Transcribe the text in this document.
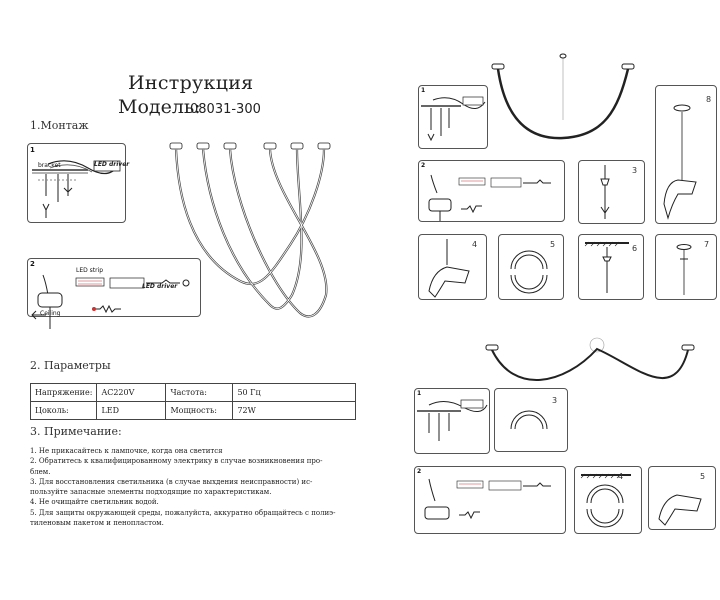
Инструкция
Модель:
08031-300
1.Монтаж
1
bracket	LED driver
2
LED strip
LED driver
Ceiling
2. Параметры
Напряжение:	AC220V	Частота:	50 Гц
Цоколь:	LED	Мощность:	72W
3. Примечание:
1. Не прикасайтесь к лампочке, когда она светится
2. Обратитесь к квалифицированному электрику в случае возникновения про-
блем.
3. Для восстановления светильника (в случае выхдения неисправности) ис-
пользуйте запасные элементы подходящие по характеристикам.
4. Не очищайте светильник водой.
5. Для защиты окружающей среды, пожалуйста, аккуратно обращайтесь с полиэ-
тиленовым пакетом и пенопластом.
1
2
3
8
4	5	6	7
1
3
2
4	5
